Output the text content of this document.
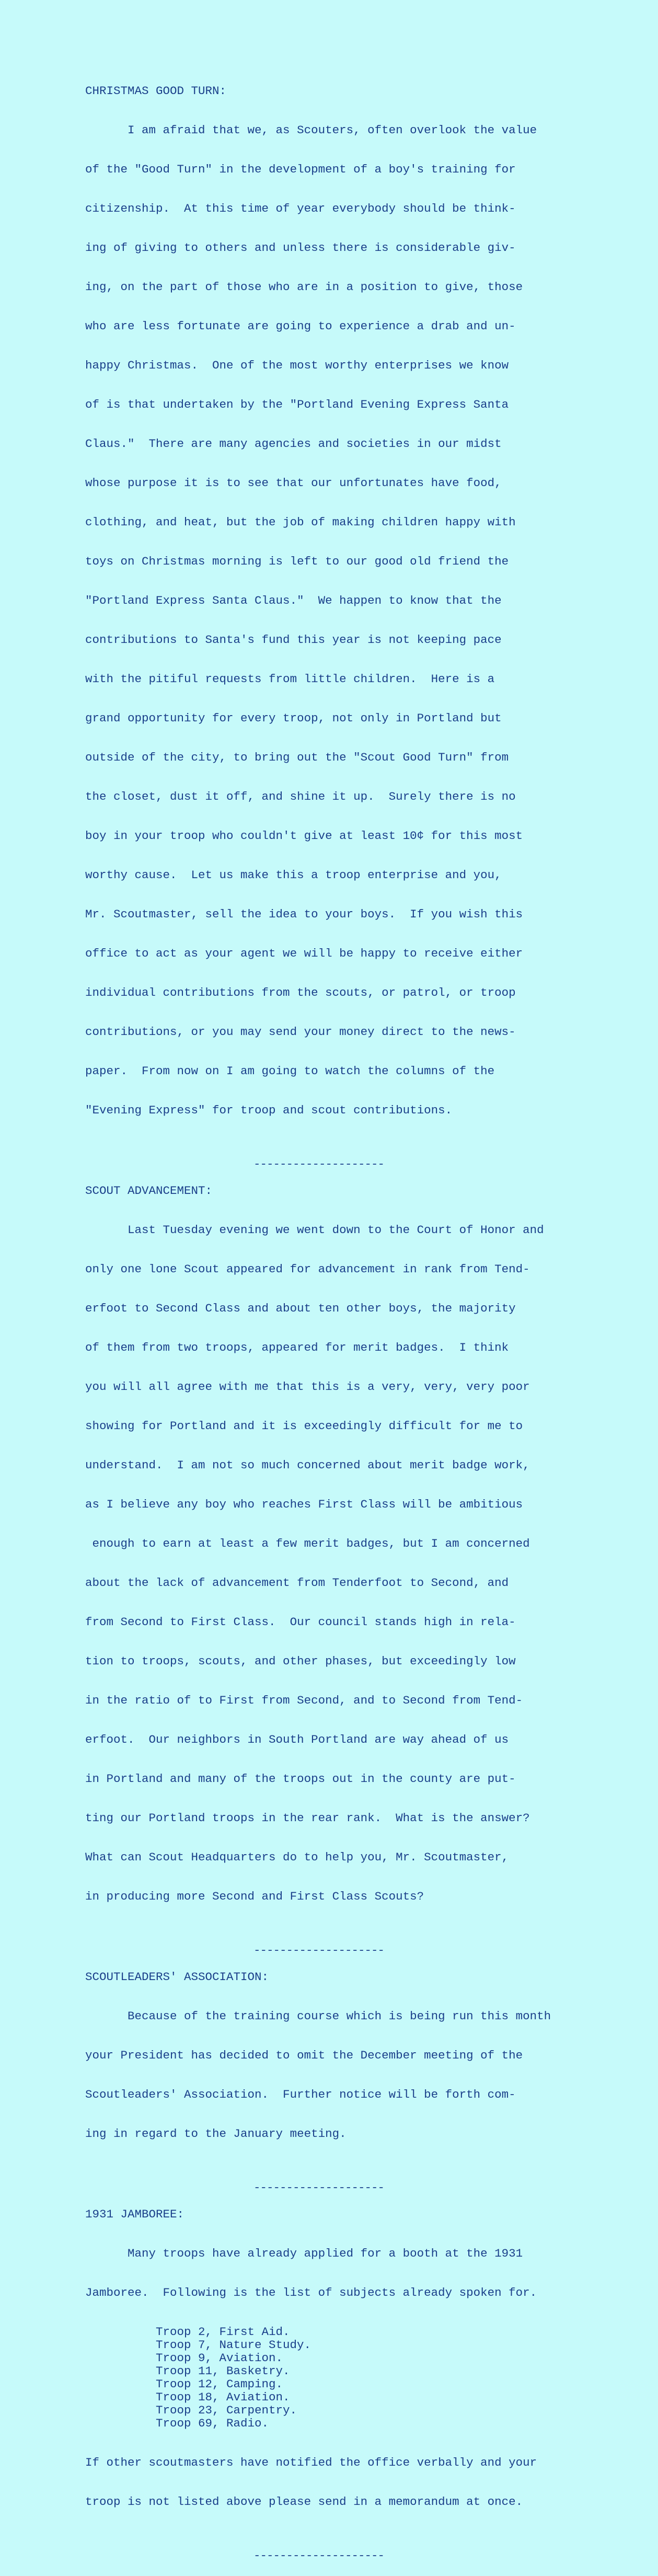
CHRISTMAS GOOD TURN:

I am afraid that we, as Scouters, often overlook the value

of the "Good Turn" in the development of a boy's training for

citizenship.  At this time of year everybody should be think-

ing of giving to others and unless there is considerable giv-

ing, on the part of those who are in a position to give, those

who are less fortunate are going to experience a drab and un-

happy Christmas.  One of the most worthy enterprises we know

of is that undertaken by the "Portland Evening Express Santa

Claus."  There are many agencies and societies in our midst

whose purpose it is to see that our unfortunates have food,

clothing, and heat, but the job of making children happy with

toys on Christmas morning is left to our good old friend the

"Portland Express Santa Claus."  We happen to know that the

contributions to Santa's fund this year is not keeping pace

with the pitiful requests from little children.  Here is a

grand opportunity for every troop, not only in Portland but

outside of the city, to bring out the "Scout Good Turn" from

the closet, dust it off, and shine it up.  Surely there is no

boy in your troop who couldn't give at least 10¢ for this most

worthy cause.  Let us make this a troop enterprise and you,

Mr. Scoutmaster, sell the idea to your boys.  If you wish this

office to act as your agent we will be happy to receive either

individual contributions from the scouts, or patrol, or troop

contributions, or you may send your money direct to the news-

paper.  From now on I am going to watch the columns of the

"Evening Express" for troop and scout contributions.

--------------------
SCOUT ADVANCEMENT:

Last Tuesday evening we went down to the Court of Honor and

only one lone Scout appeared for advancement in rank from Tend-

erfoot to Second Class and about ten other boys, the majority

of them from two troops, appeared for merit badges.  I think

you will all agree with me that this is a very, very, very poor

showing for Portland and it is exceedingly difficult for me to

understand.  I am not so much concerned about merit badge work,

as I believe any boy who reaches First Class will be ambitious

enough to earn at least a few merit badges, but I am concerned

about the lack of advancement from Tenderfoot to Second, and

from Second to First Class.  Our council stands high in rela-

tion to troops, scouts, and other phases, but exceedingly low

in the ratio of to First from Second, and to Second from Tend-

erfoot.  Our neighbors in South Portland are way ahead of us

in Portland and many of the troops out in the county are put-

ting our Portland troops in the rear rank.  What is the answer?

What can Scout Headquarters do to help you, Mr. Scoutmaster,

in producing more Second and First Class Scouts?

--------------------
SCOUTLEADERS' ASSOCIATION:

Because of the training course which is being run this month

your President has decided to omit the December meeting of the

Scoutleaders' Association.  Further notice will be forth com-

ing in regard to the January meeting.

--------------------
1931 JAMBOREE:

Many troops have already applied for a booth at the 1931

Jamboree.  Following is the list of subjects already spoken for.

Troop 2, First Aid.
Troop 7, Nature Study.
Troop 9, Aviation.
Troop 11, Basketry.
Troop 12, Camping.
Troop 18, Aviation.
Troop 23, Carpentry.
Troop 69, Radio.

If other scoutmasters have notified the office verbally and your

troop is not listed above please send in a memorandum at once.

--------------------
